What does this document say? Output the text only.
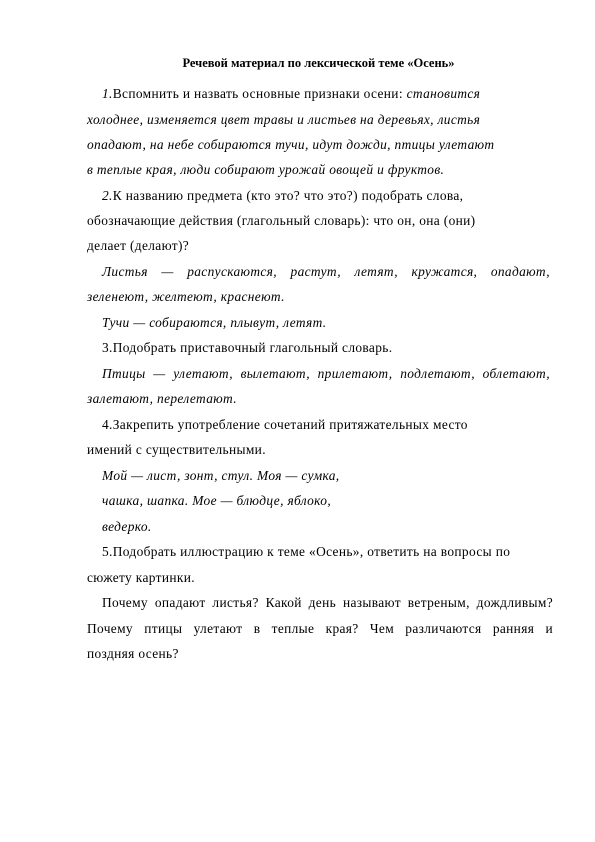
Речевой материал по лексической теме «Осень»
1.Вспомнить и назвать основные признаки осени: становится
холоднее, изменяется цвет травы и листьев на деревьях, листья
опадают, на небе собираются тучи, идут дожди, птицы улетают
в теплые края, люди собирают урожай овощей и фруктов.
2.К названию предмета (кто это? что это?) подобрать слова,
обозначающие действия (глагольный словарь): что он, она (они)
делает (делают)?
Листья — распускаются, растут, летят, кружатся, опадают,
зеленеют, желтеют, краснеют.
Тучи — собираются, плывут, летят.
3.Подобрать приставочный глагольный словарь.
Птицы — улетают, вылетают, прилетают, подлетают, облетают,
залетают, перелетают.
4.Закрепить употребление сочетаний притяжательных место
имений с существительными.
Мой — лист, зонт, стул. Моя — сумка,
чашка, шапка. Мое — блюдце, яблоко,
ведерко.
5.Подобрать иллюстрацию к теме «Осень», ответить на вопросы по
сюжету картинки.
Почему опадают листья? Какой день называют ветреным, дождливым?
Почему птицы улетают в теплые края? Чем различаются ранняя и
поздняя осень?
